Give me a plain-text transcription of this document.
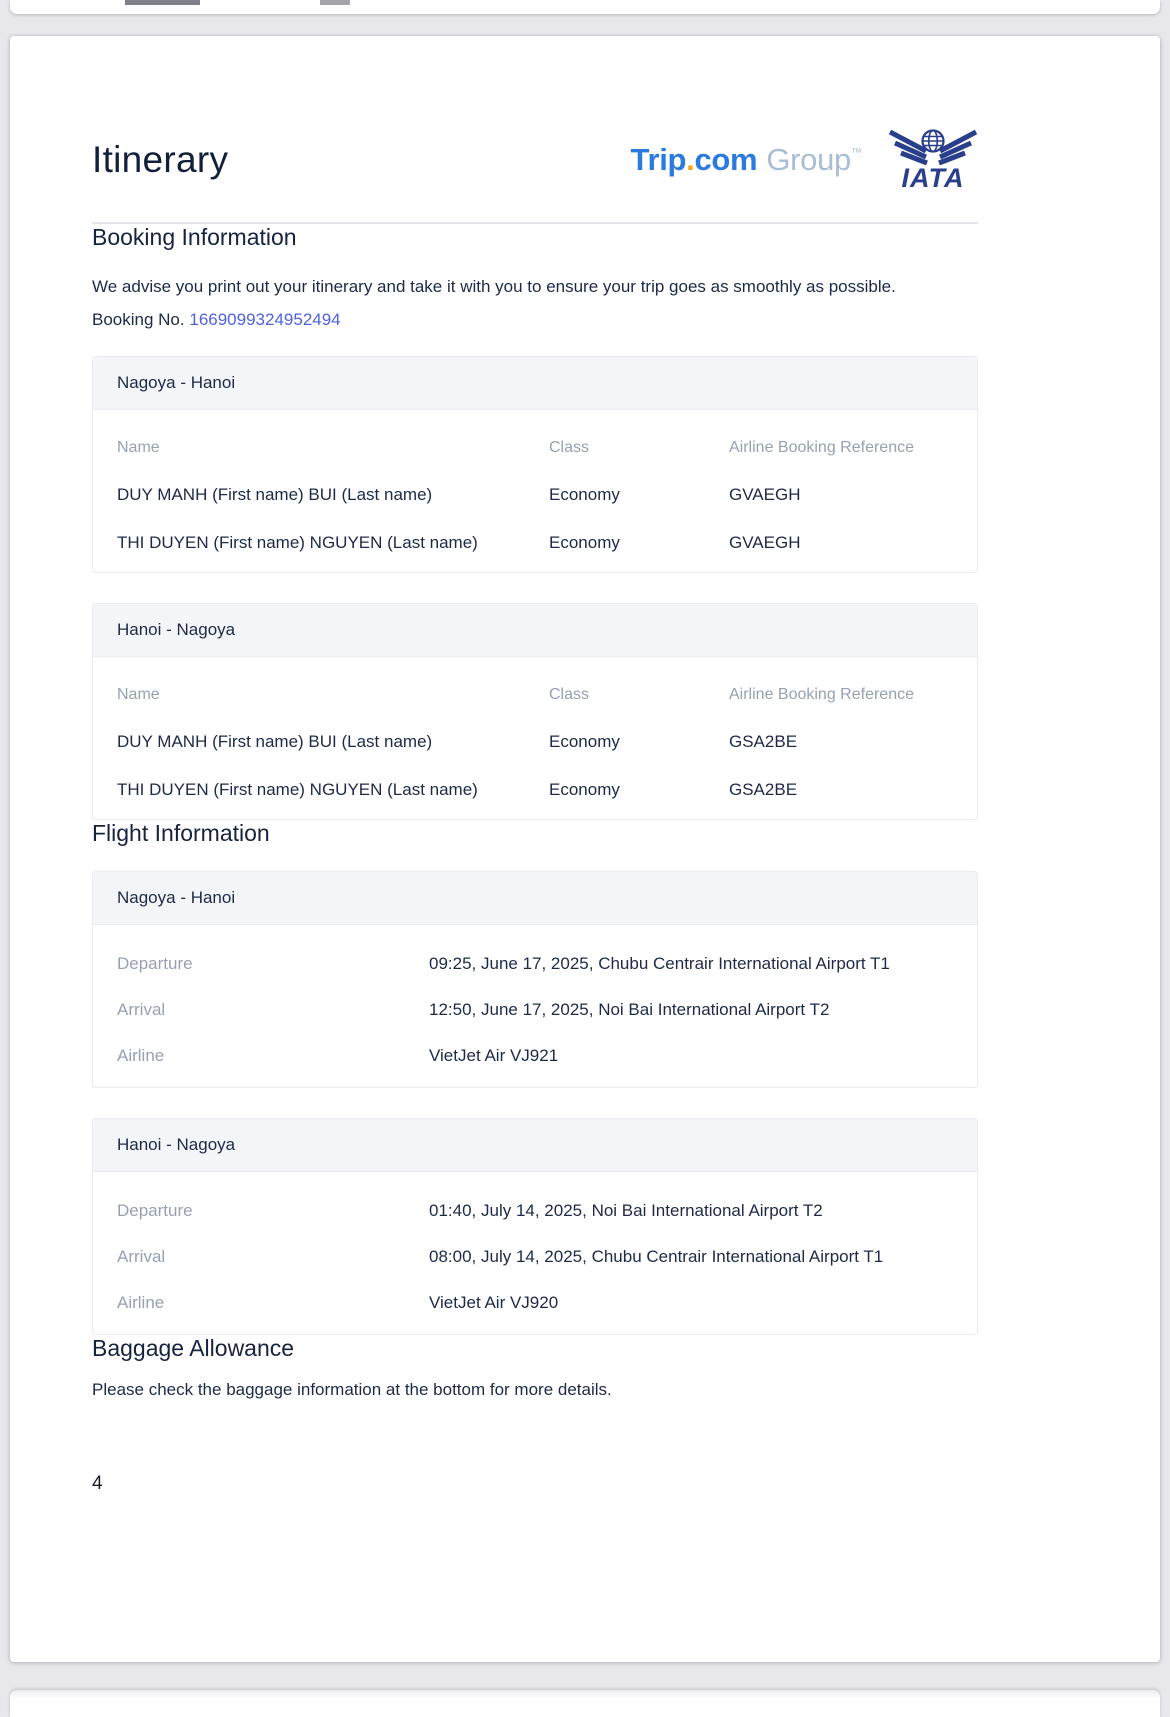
Itinerary	Trip.com Group™
IATA
Booking Information

We advise you print out your itinerary and take it with you to ensure your trip goes as smoothly as possible.

Booking No. 1669099324952494

Nagoya - Hanoi
Name	Class	Airline Booking Reference
DUY MANH (First name) BUI (Last name)	Economy	GVAEGH
THI DUYEN (First name) NGUYEN (Last name)	Economy	GVAEGH
Hanoi - Nagoya
Name	Class	Airline Booking Reference
DUY MANH (First name) BUI (Last name)	Economy	GSA2BE
THI DUYEN (First name) NGUYEN (Last name)	Economy	GSA2BE
Flight Information
Nagoya - Hanoi
Departure	09:25, June 17, 2025, Chubu Centrair International Airport T1
Arrival	12:50, June 17, 2025, Noi Bai International Airport T2
Airline	VietJet Air VJ921
Hanoi - Nagoya
Departure	01:40, July 14, 2025, Noi Bai International Airport T2
Arrival	08:00, July 14, 2025, Chubu Centrair International Airport T1
Airline	VietJet Air VJ920
Baggage Allowance

Please check the baggage information at the bottom for more details.

4
